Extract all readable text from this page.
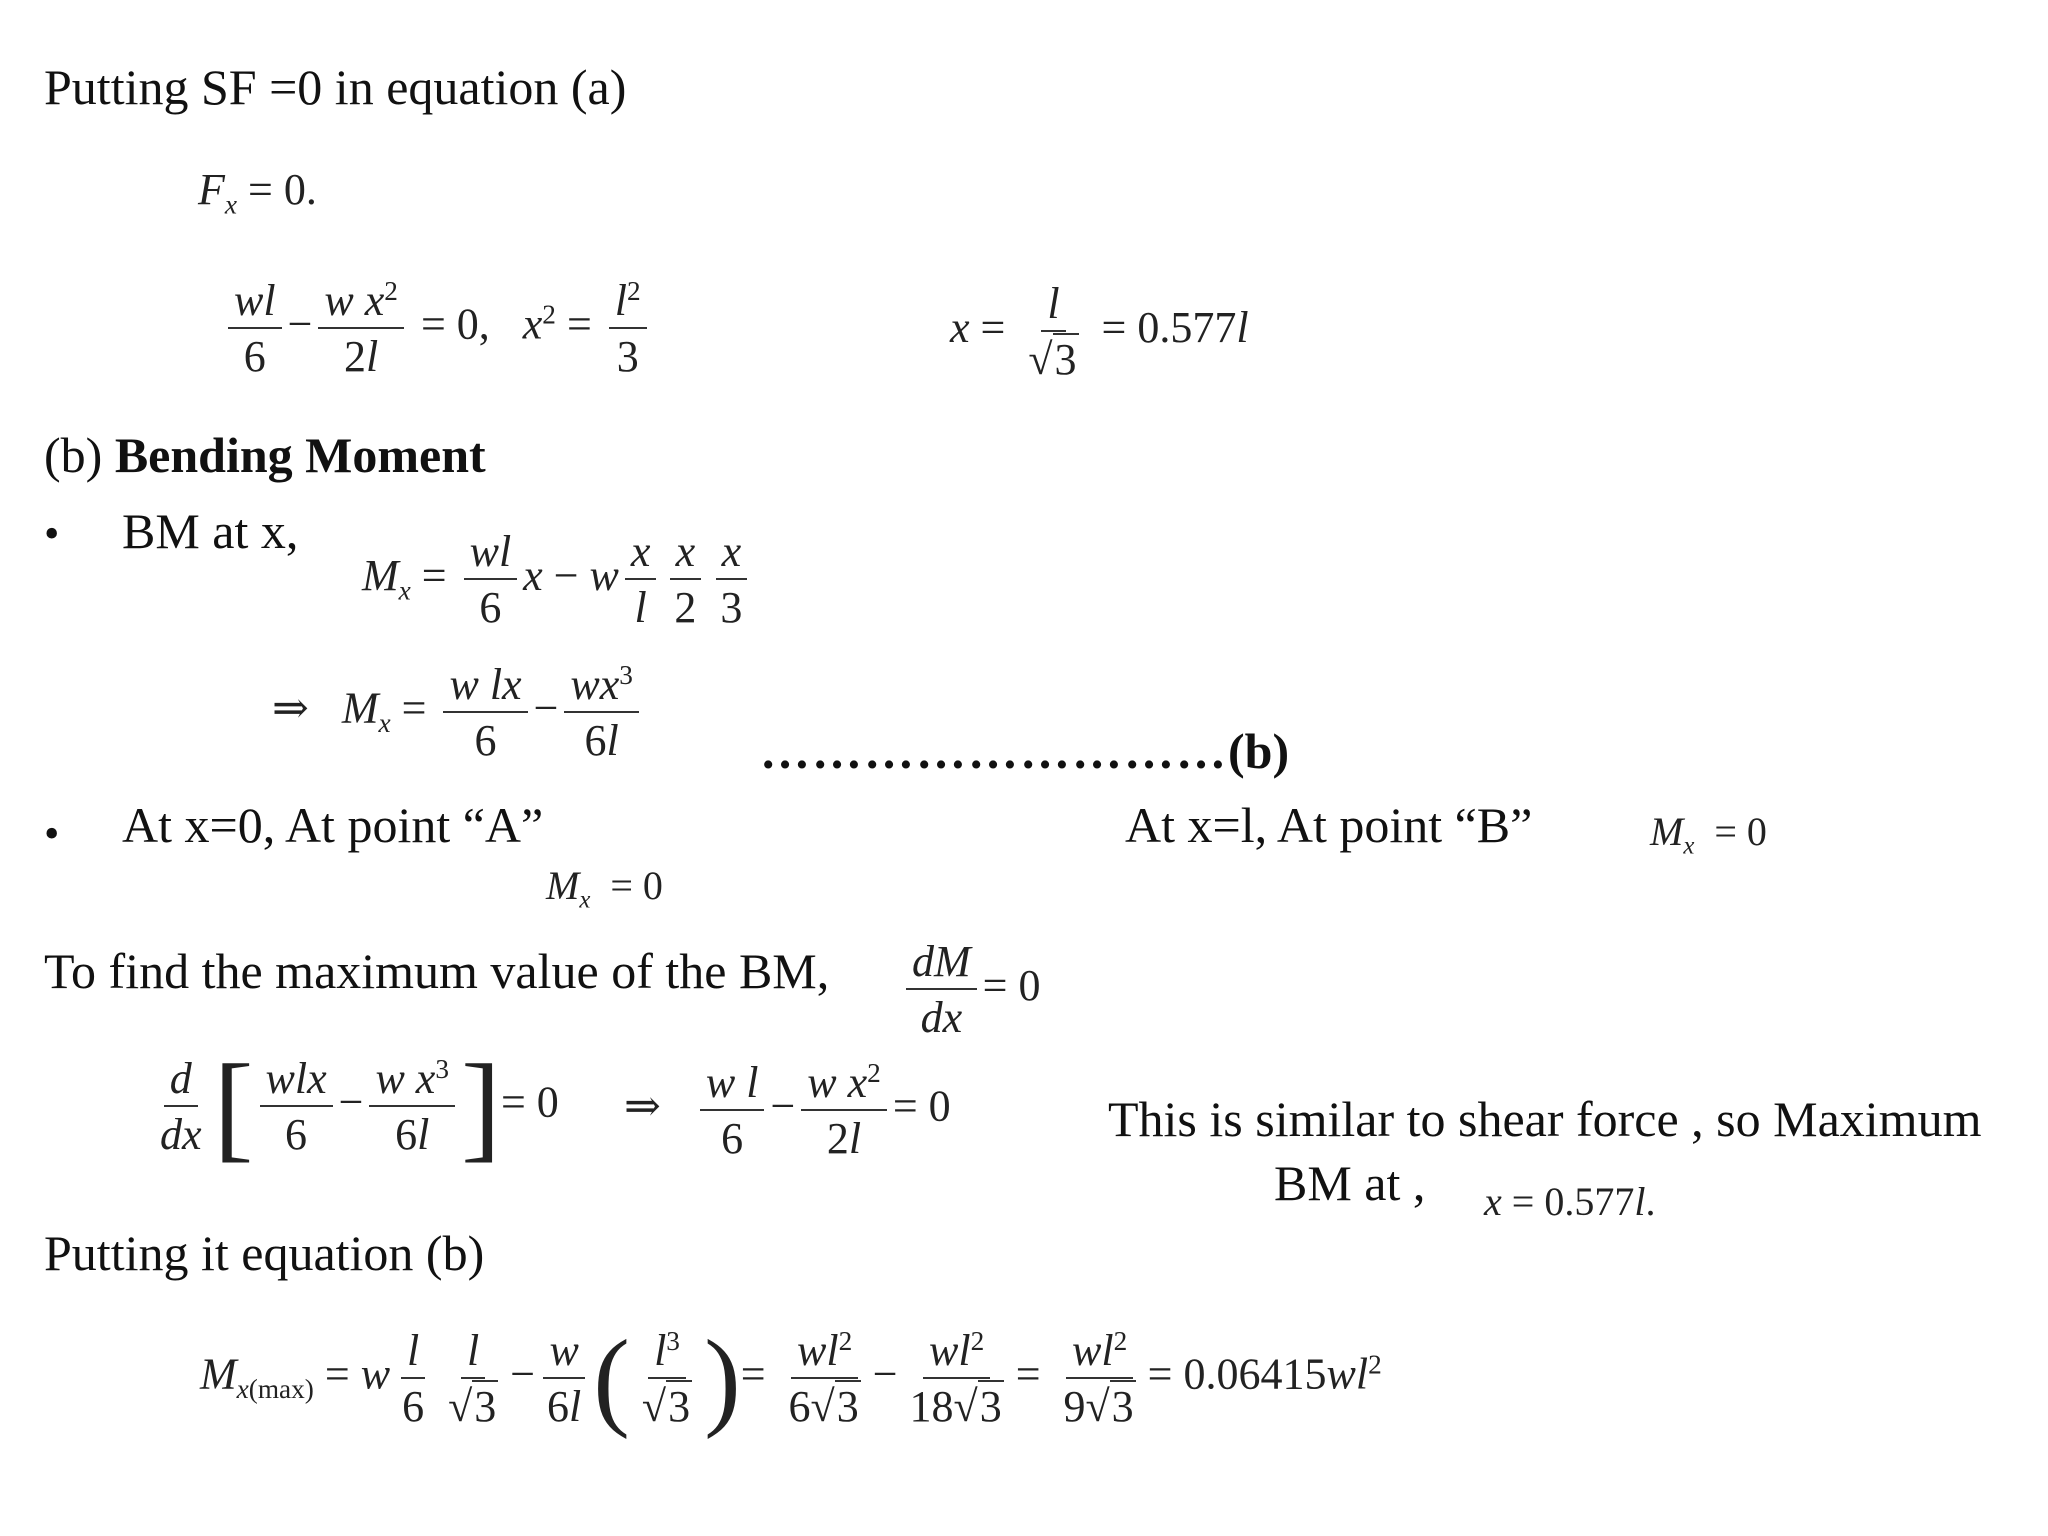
Putting SF =0 in equation (a)
$F_x = 0$.
$\frac{wl}{6} - \frac{w x^2}{2l} = 0$,   $x^2 = \frac{l^2}{3}$	$x = \frac{l}{√3} = 0.577l$
(b) Bending Moment
• BM at x,
$M_x = \frac{wl}{6}$ x − w $\frac{x}{l} \frac{x}{2} \frac{x}{3}$
⇒   $M_x = \frac{\text{w lx}}{6} - \frac{wx^3}{6l}$ ………………………(b)
• At x=0, At point “A”	At x=l, At point “B”	$M_x = 0$
$M_x = 0$
To find the maximum value of the BM, $\frac{dM}{dx} = 0$
$\frac{d}{dx}$ [ $\frac{\text{wlx}}{6} - \frac{w x^3}{6l}$ ]= 0 ⇒ $\frac{\text{w l}}{6} - \frac{w x^2}{2l} = 0$	This is similar to shear force , so Maximum
BM at , x = 0.577l.
Putting it equation (b)
$M_{x(max)} = w \frac{l}{6} \frac{l}{√3} - \frac{w}{6l}$ ( $\frac{l^3}{√3}$ )= $\frac{wl^2}{6√3} - \frac{wl^2}{18√3} = \frac{wl^2}{9√3} = 0.06415wl^2$
